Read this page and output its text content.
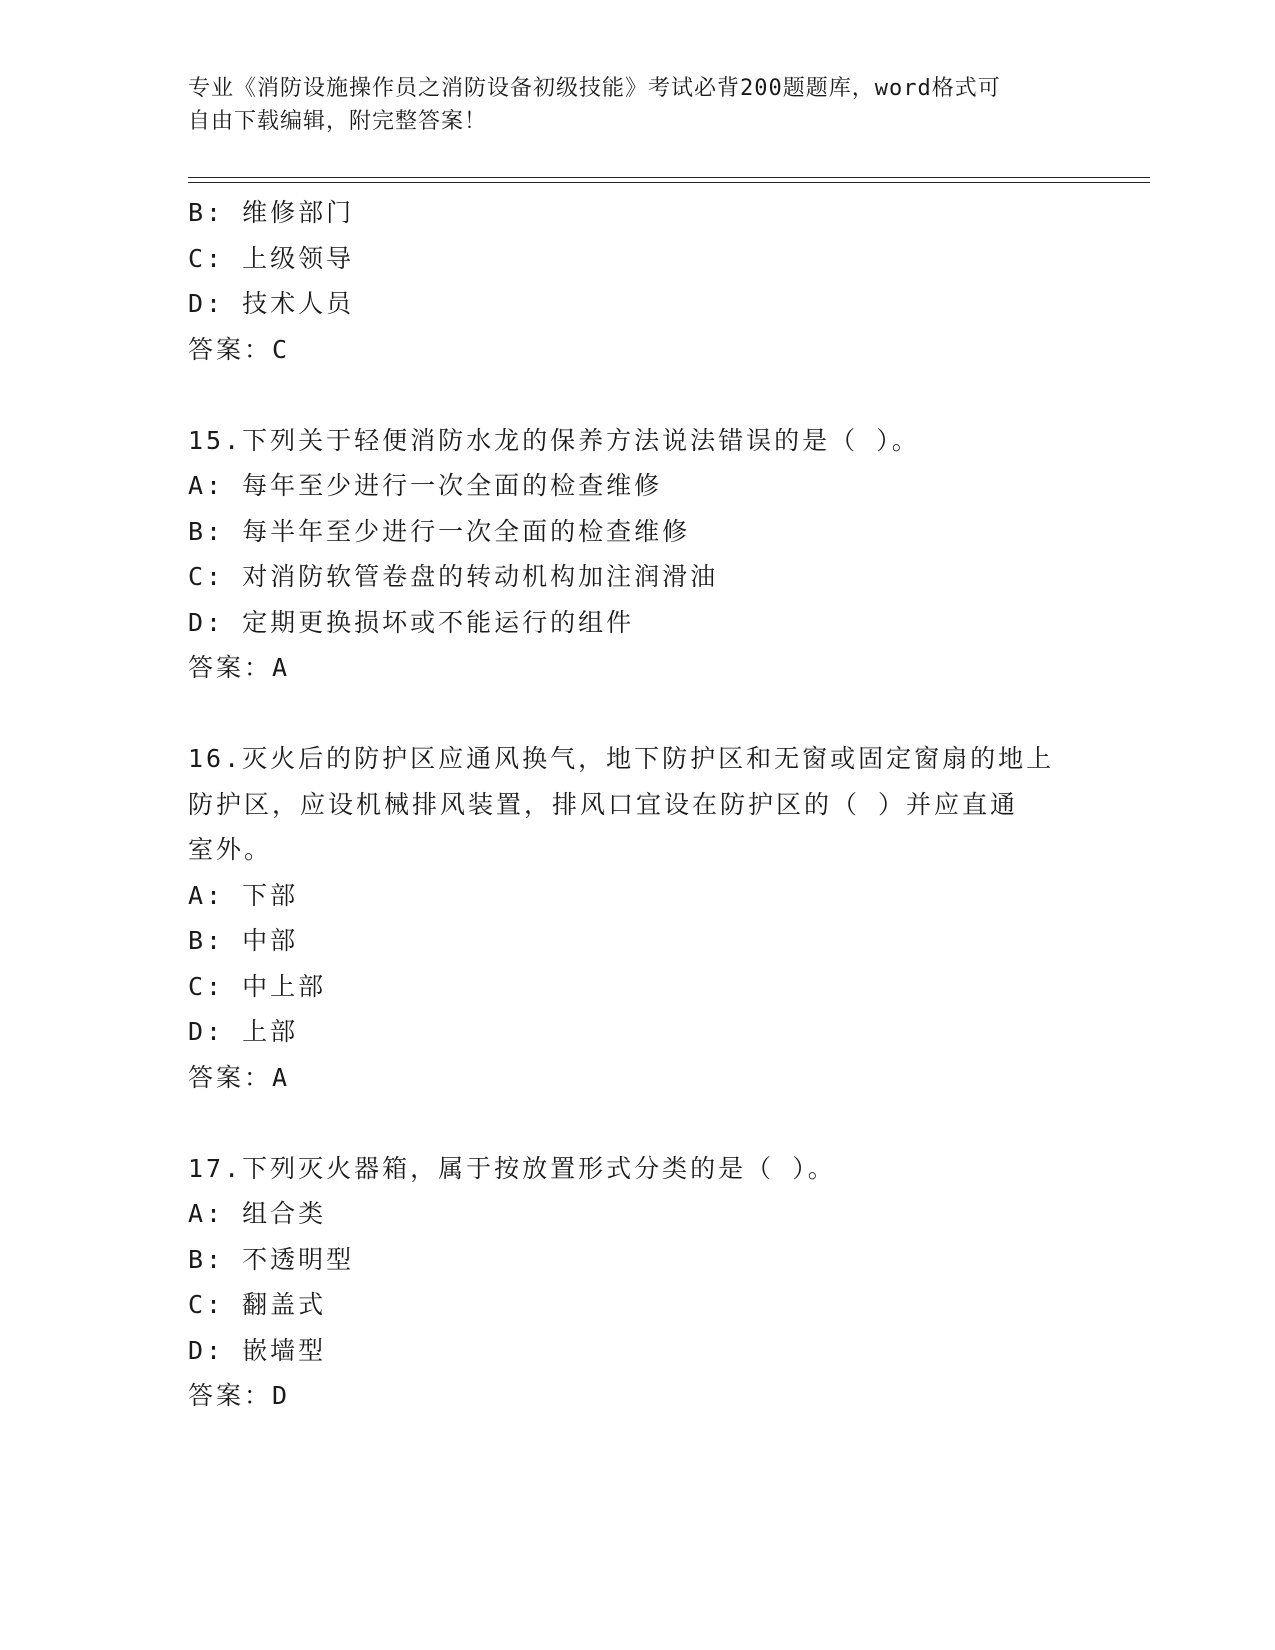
专业《消防设施操作员之消防设备初级技能》考试必背200题题库，word格式可
自由下载编辑，附完整答案！
B: 维修部门
C: 上级领导
D: 技术人员
答案：C
15.下列关于轻便消防水龙的保养方法说法错误的是（ ）。
A: 每年至少进行一次全面的检查维修
B: 每半年至少进行一次全面的检查维修
C: 对消防软管卷盘的转动机构加注润滑油
D: 定期更换损坏或不能运行的组件
答案：A
16.灭火后的防护区应通风换气，地下防护区和无窗或固定窗扇的地上
防护区，应设机械排风装置，排风口宜设在防护区的（ ）并应直通
室外。
A: 下部
B: 中部
C: 中上部
D: 上部
答案：A
17.下列灭火器箱，属于按放置形式分类的是（ ）。
A: 组合类
B: 不透明型
C: 翻盖式
D: 嵌墙型
答案：D
